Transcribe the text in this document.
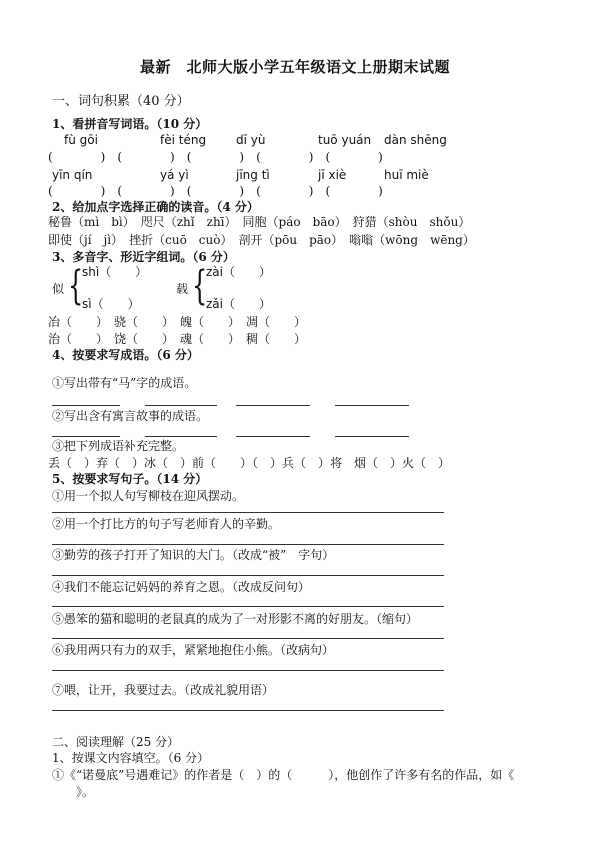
最新　北师大版小学五年级语文上册期末试题
一、词句积累（40 分）
1、看拼音写词语。（10 分）
fù gōi	fèi téng dī yù	tuō yuán dàn shēng
(　　　　)　(　　　　)　(　　　　)　(　　　　)　(　　　　)
yīn qín	yá yì	jīng tì	jī xiè	huī miè
(　　　　)　(　　　　)　(　　　　)　(　　　　)　(　　　　)
2、给加点字选择正确的读音。（4 分）
秘鲁（mì　bì）　咫尺（zhǐ　zhī）　同胞（páo　bāo）　狩猎（shòu　shǒu）
即使（jí　jì）　挫折（cuō　cuò）　剖开（pōu　pāo）　嗡嗡（wōng　wēng）
3、多音字、形近字组词。（6 分）
似 {
shì（　　）
sì（　　）
载 {
zài（　　）
zǎi（　　）
冶（　　）　骁（　　）　魄（　　）　凋（　　）
治（　　）　饶（　　）　魂（　　）　稠（　　）
4、按要求写成语。（6 分）
①写出带有“马”字的成语。
②写出含有寓言故事的成语。
③把下列成语补充完整。
丢（　）弃（　）冰（　）前（　　）（　）兵（　）将　烟（　）火（　）
5、按要求写句子。（14 分）
①用一个拟人句写柳枝在迎风摆动。
②用一个打比方的句子写老师育人的辛勤。
③勤劳的孩子打开了知识的大门。（改成“被”　字句）
④我们不能忘记妈妈的养育之恩。（改成反问句）
⑤愚笨的猫和聪明的老鼠真的成为了一对形影不离的好朋友。（缩句）
⑥我用两只有力的双手，紧紧地抱住小熊。（改病句）
⑦喂，让开，我要过去。（改成礼貌用语）
二、阅读理解（25 分）
1、按课文内容填空。（6 分）
①《“诺曼底”号遇难记》的作者是（　）的（　　　），他创作了许多有名的作品，如《
　　》。
